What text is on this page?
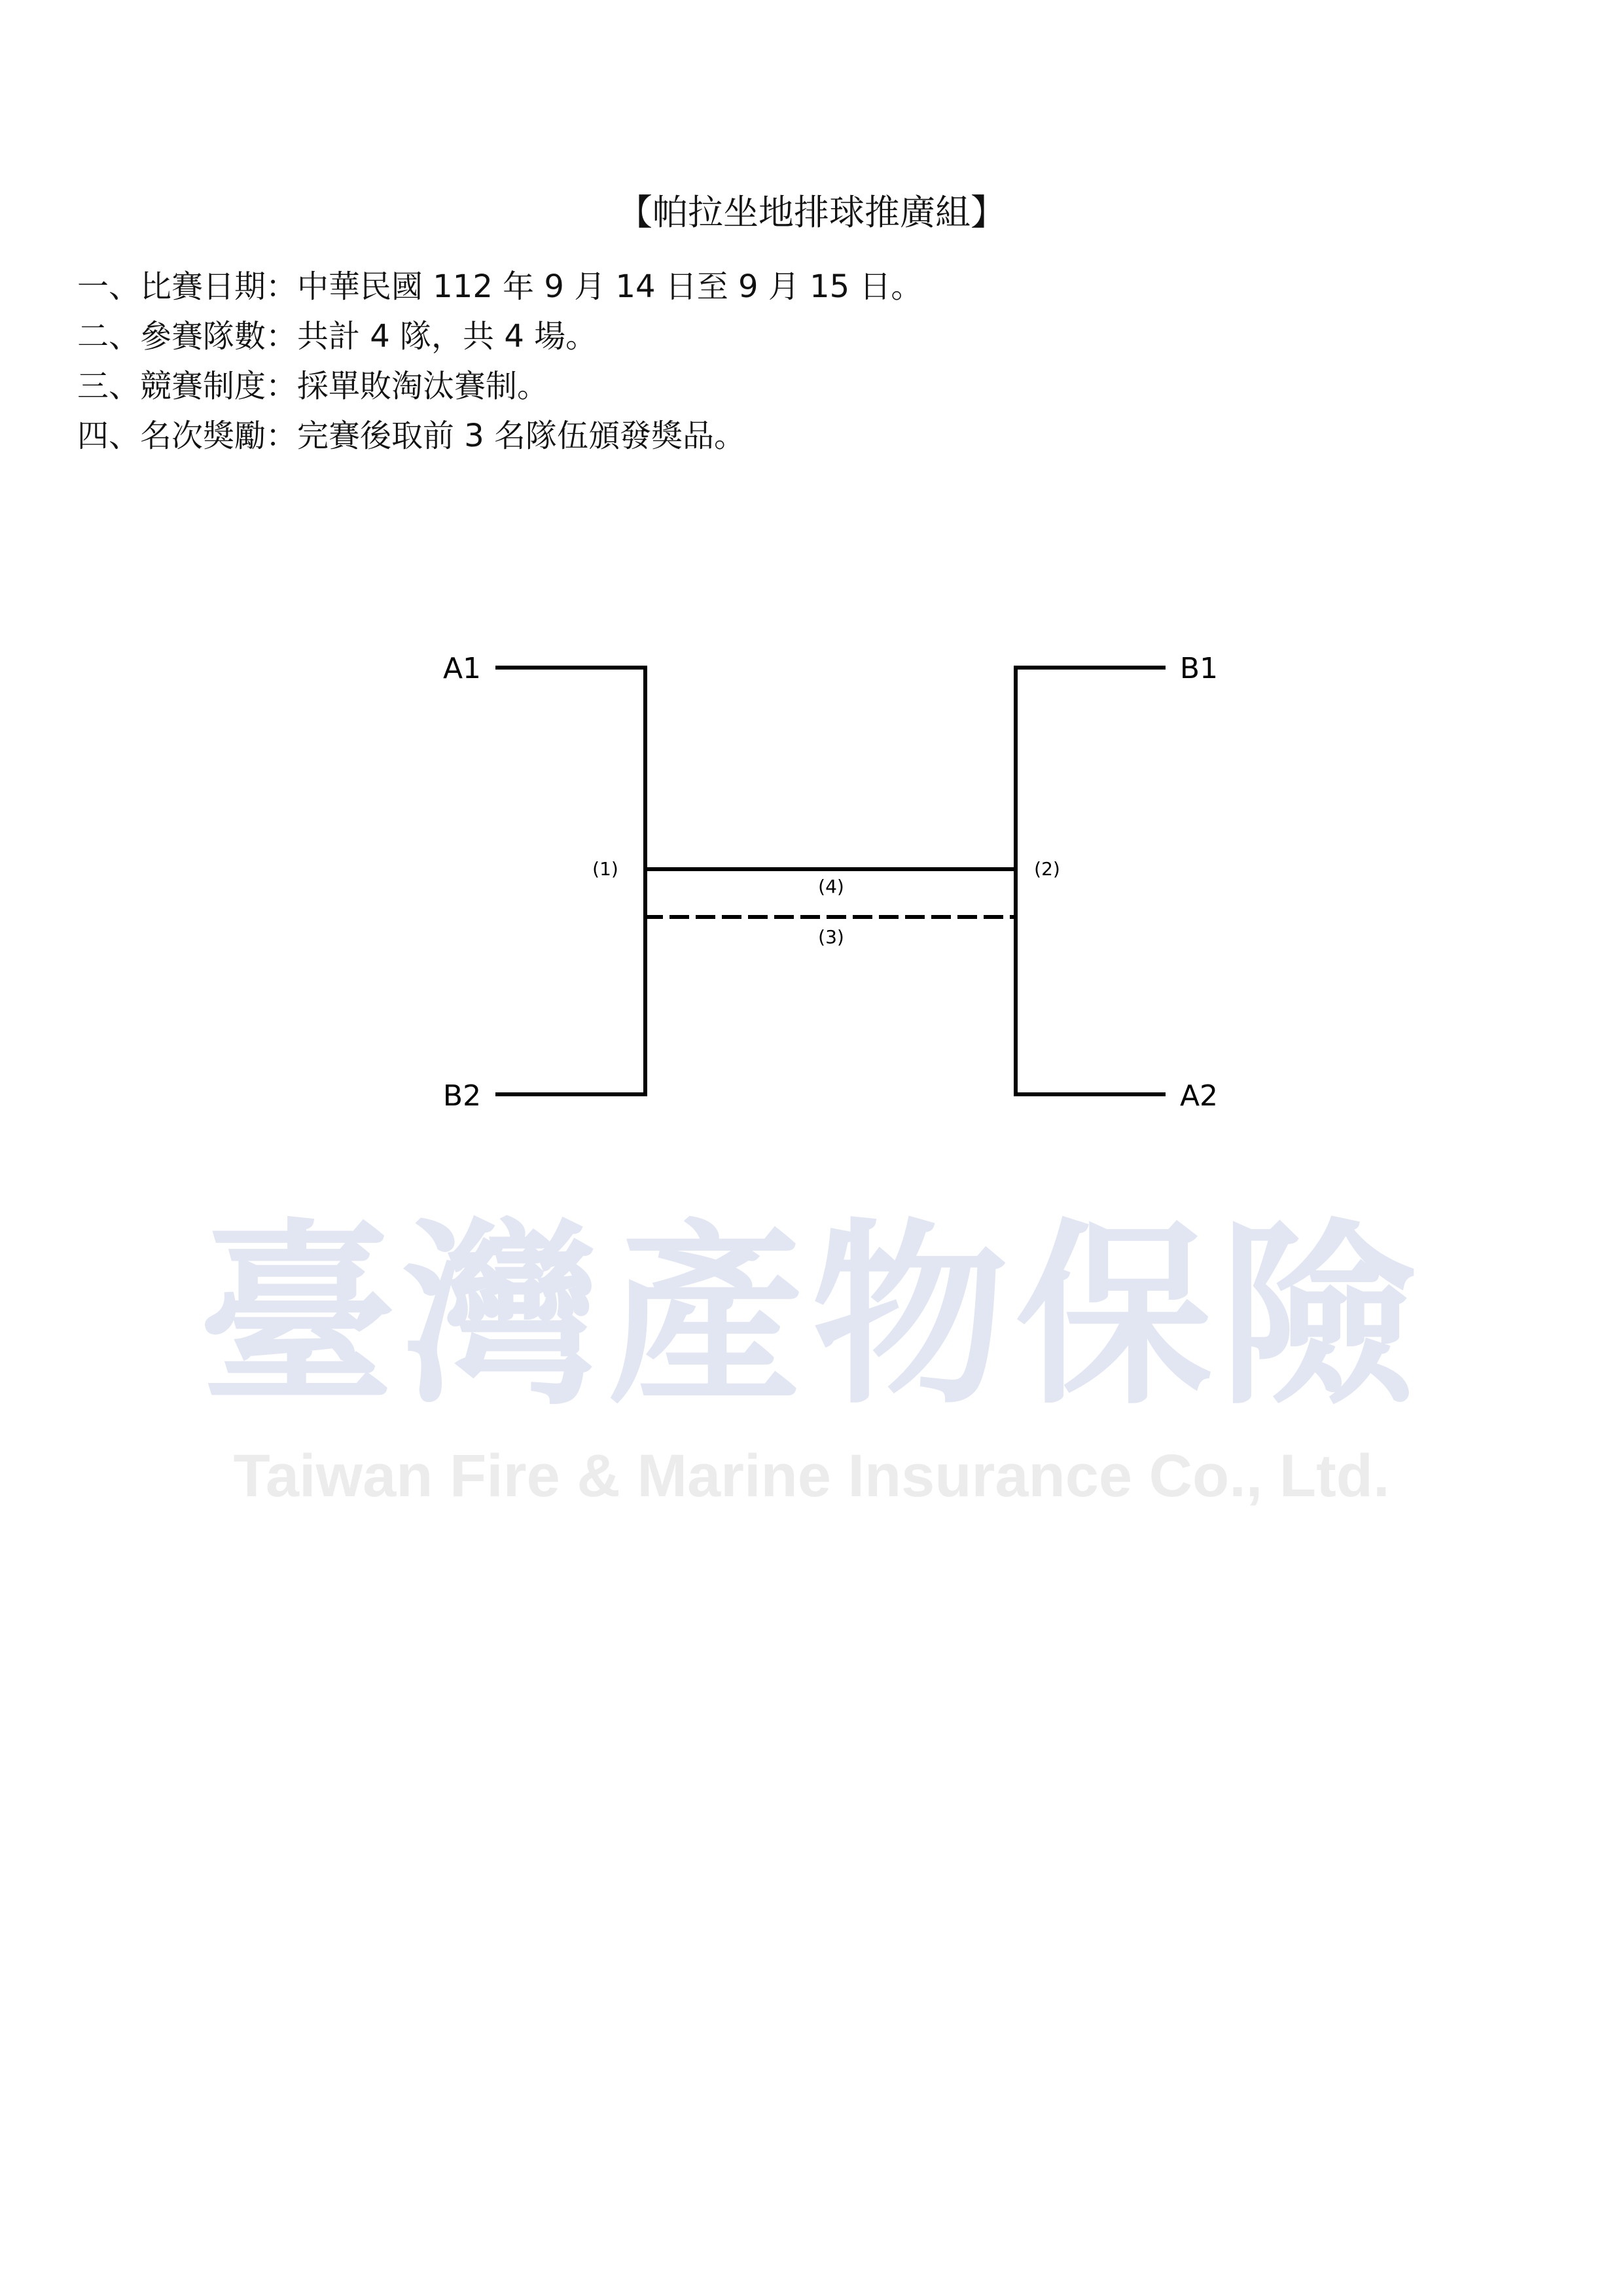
【帕拉坐地排球推廣組】
一、比賽日期：中華民國 112 年 9 月 14 日至 9 月 15 日。
二、參賽隊數：共計 4 隊，共 4 場。
三、競賽制度：採單敗淘汰賽制。
四、名次獎勵：完賽後取前 3 名隊伍頒發獎品。
臺灣產物保險
Taiwan Fire & Marine Insurance Co., Ltd.
A1
B2
B1
A2
(1)	(2)
(4)
(3)
